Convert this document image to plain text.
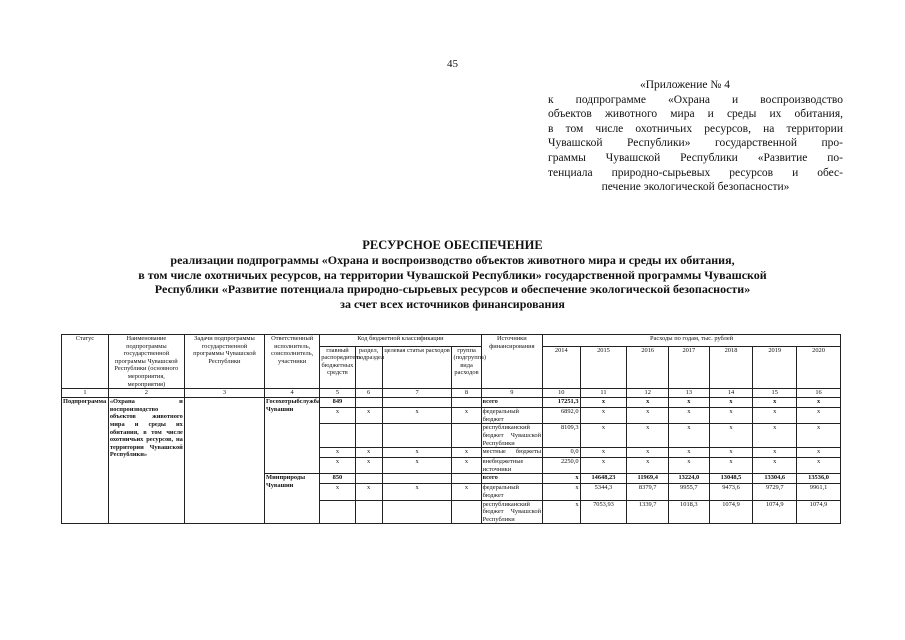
45
«Приложение № 4
к подпрограмме «Охрана и воспроизводство
объектов животного мира и среды их обитания,
в том числе охотничьих ресурсов, на территории
Чувашской Республики» государственной про-
граммы Чувашской Республики «Развитие по-
тенциала природно-сырьевых ресурсов и обес-
печение экологической безопасности»
РЕСУРСНОЕ ОБЕСПЕЧЕНИЕ
реализации подпрограммы «Охрана и воспроизводство объектов животного мира и среды их обитания,
в том числе охотничьих ресурсов, на территории Чувашской Республики» государственной программы Чувашской
Республики «Развитие потенциала природно-сырьевых ресурсов и обеспечение экологической безопасности»
за счет всех источников финансирования
Статус	Наименование подпрограммы государственной программы Чувашской Республики (основного мероприятия, мероприятия)	Задачи подпрограммы государственной программы Чувашской Республики	Ответственный исполнитель, соисполнитель, участники	Код бюджетной классификации				Источники финансирования	Расходы по годам, тыс. рублей						
				главный распорядитель бюджетных средств	раздел, подраздел	целевая статья расходов	группа (подгруппа) вида расходов		2014	2015	2016	2017	2018	2019	2020
1	2	3	4	5	6	7	8	9	10	11	12	13	14	15	16
Подпрограмма	«Охрана и воспроизводство объектов животного мира и среды их обитания, в том числе охотничьих ресурсов, на территории Чувашской Республики»		Госохотрыбслужба Чувашии	849				всего	17251,3	x	x	x	x	x	x
				x	x	x	x	федеральный бюджет	6892,0	x	x	x	x	x	x
								республиканский бюджет Чувашской Республики	8109,3	x	x	x	x	x	x
				x	x	x	x	местные бюджеты	0,0	x	x	x	x	x	x
				x	x	x	x	внебюджетные источники	2250,0	x	x	x	x	x	x
			Минприроды Чувашии	850				всего	x	14648,23	11969,4	13224,0	13048,5	13304,6	13536,0
				x	x	x	x	федеральный бюджет	x	5344,3	8379,7	9955,7	9473,6	9729,7	9961,1
								республиканский бюджет Чувашской Республики	x	7053,93	1339,7	1018,3	1074,9	1074,9	1074,9
